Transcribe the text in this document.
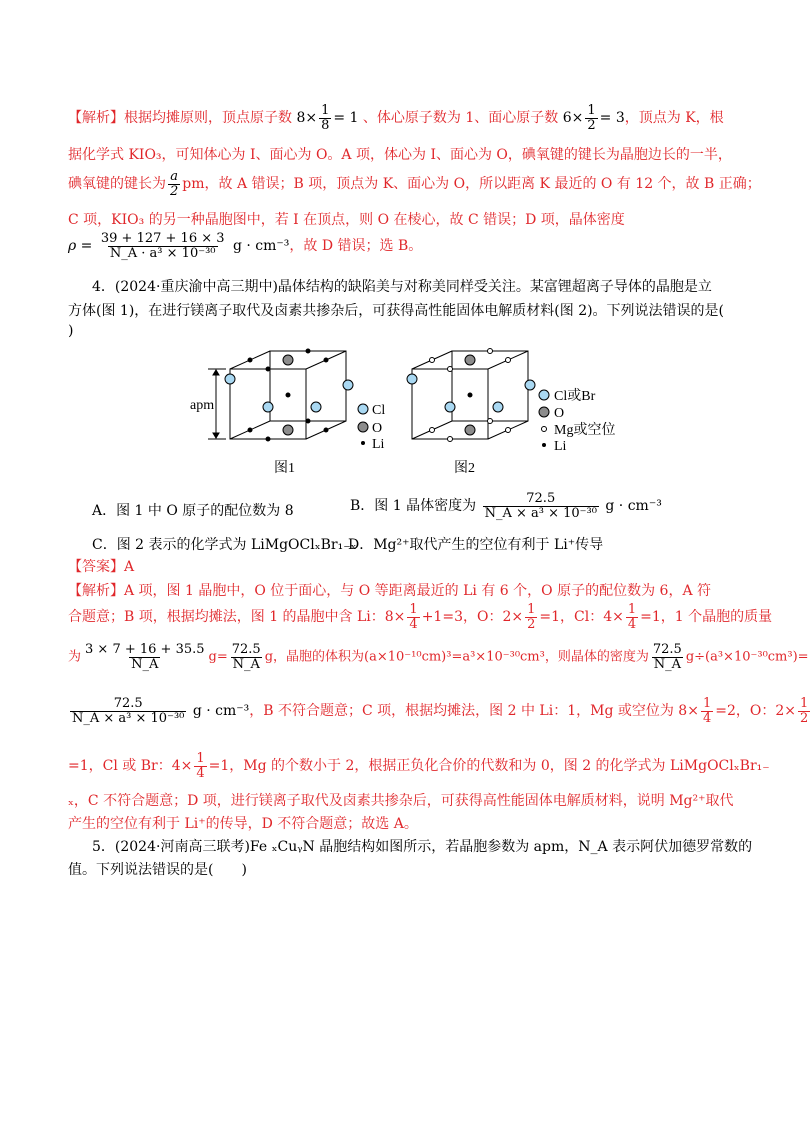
【解析】根据均摊原则，顶点原子数 $8\times \frac{1}{8} = 1$ 、体心原子数为 1、面心原子数 $6\times \frac{1}{2} = 3$，顶点为 K，根
据化学式 KIO₃，可知体心为 I、面心为 O。A 项，体心为 I、面心为 O，碘氧键的键长为晶胞边长的一半，
碘氧键的键长为 $\frac{a}{2}$ pm，故 A 错误；B 项，顶点为 K、面心为 O，所以距离 K 最近的 O 有 12 个，故 B 正确；
C 项，KIO₃ 的另一种晶胞图中，若 I 在顶点，则 O 在棱心，故 C 错误；D 项，晶体密度
$\rho = \frac{39 + 127 + 16 \times 3}{\text{N\_A · a³ × 10⁻³⁰}}$ g · cm⁻³，故 D 错误；选 B。
4．(2024·重庆渝中高三期中)晶体结构的缺陷美与对称美同样受关注。某富锂超离子导体的晶胞是立
方体(图 1)，在进行镁离子取代及卤素共掺杂后，可获得高性能固体电解质材料(图 2)。下列说法错误的是(
)
apm	Cl
O
Li
图1
Cl或Br
O
Mg或空位
Li
图2
A．图 1 中 O 原子的配位数为 8	B．图 1 晶体密度为 $\frac{72.5}{\text{N\_A × a³ × 10⁻³⁰}}$ g · cm⁻³
C．图 2 表示的化学式为 LiMgOClₓBr₁₋ₓ
D．Mg²⁺取代产生的空位有利于 Li⁺传导
【答案】A
【解析】A 项，图 1 晶胞中，O 位于面心，与 O 等距离最近的 Li 有 6 个，O 原子的配位数为 6，A 符
合题意；B 项，根据均摊法，图 1 的晶胞中含 Li：$8\times \frac{1}{4} +1=3$，O：$2\times \frac{1}{2} =1$，Cl：$4\times \frac{1}{4} =1$，1 个晶胞的质量
为 $\frac{3 \times 7 + 16 + 35.5}{N\_A} g= \frac{72.5}{N\_A}$ g，晶胞的体积为(a×10⁻¹⁰cm)³=a³×10⁻³⁰cm³，则晶体的密度为 $\frac{72.5}{N\_A} g\div(a^3\times 10^{-30}cm^3)=$
$\frac{72.5}{\text{N\_A × a³ × 10⁻³⁰}}$ g · cm⁻³，B 不符合题意；C 项，根据均摊法，图 2 中 Li：1，Mg 或空位为 $8\times \frac{1}{4} =2$，O：$2\times \frac{1}{2}$
=1，Cl 或 Br：$4\times \frac{1}{4} =1$，Mg 的个数小于 2，根据正负化合价的代数和为 0，图 2 的化学式为 LiMgOClₓBr₁₋
ₓ，C 不符合题意；D 项，进行镁离子取代及卤素共掺杂后，可获得高性能固体电解质材料，说明 Mg²⁺取代
产生的空位有利于 Li⁺的传导，D 不符合题意；故选 A。
5．(2024·河南高三联考)Fe ₓCuᵧN 晶胞结构如图所示，若晶胞参数为 apm，N_A 表示阿伏加德罗常数的
值。下列说法错误的是(　　)
